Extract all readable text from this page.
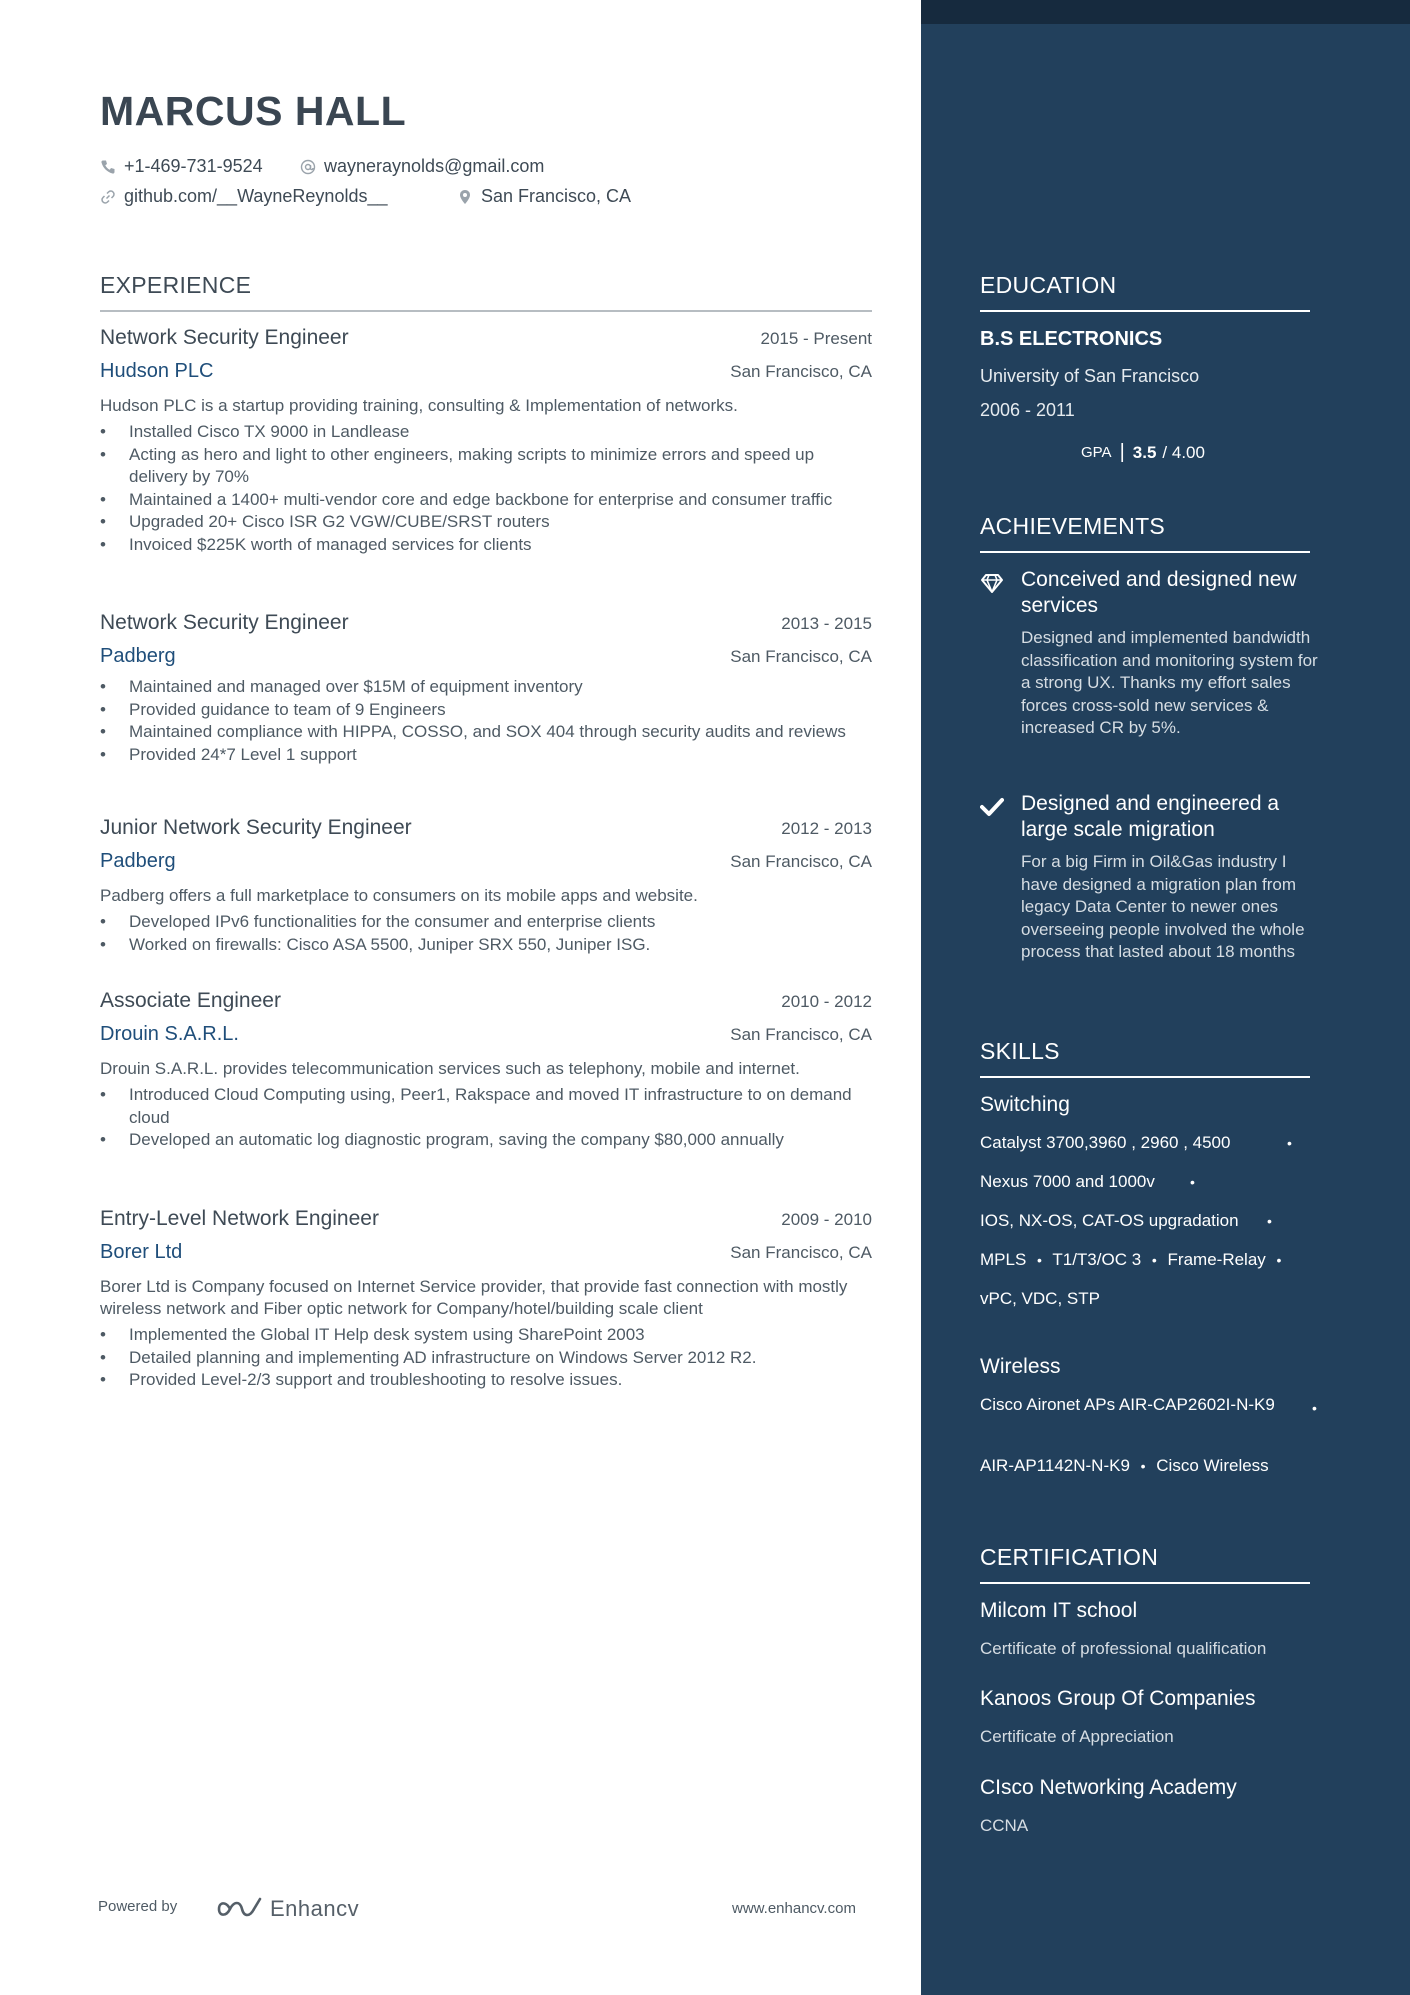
MARCUS HALL
+1-469-731-9524	wayneraynolds@gmail.com
github.com/__WayneReynolds__	San Francisco, CA
EXPERIENCE
Network Security Engineer	2015 - Present
Hudson PLC	San Francisco, CA
Hudson PLC is a startup providing training, consulting & Implementation of networks.
• Installed Cisco TX 9000 in Landlease
• Acting as hero and light to other engineers, making scripts to minimize errors and speed up delivery by 70%
• Maintained a 1400+ multi-vendor core and edge backbone for enterprise and consumer traffic
• Upgraded 20+ Cisco ISR G2 VGW/CUBE/SRST routers
• Invoiced $225K worth of managed services for clients
Network Security Engineer	2013 - 2015
Padberg	San Francisco, CA
• Maintained and managed over $15M of equipment inventory
• Provided guidance to team of 9 Engineers
• Maintained compliance with HIPPA, COSSO, and SOX 404 through security audits and reviews
• Provided 24*7 Level 1 support
Junior Network Security Engineer	2012 - 2013
Padberg	San Francisco, CA
Padberg offers a full marketplace to consumers on its mobile apps and website.
• Developed IPv6 functionalities for the consumer and enterprise clients
• Worked on firewalls: Cisco ASA 5500, Juniper SRX 550, Juniper ISG.
Associate Engineer	2010 - 2012
Drouin S.A.R.L.	San Francisco, CA
Drouin S.A.R.L. provides telecommunication services such as telephony, mobile and internet.
• Introduced Cloud Computing using, Peer1, Rakspace and moved IT infrastructure to on demand cloud
• Developed an automatic log diagnostic program, saving the company $80,000 annually
Entry-Level Network Engineer	2009 - 2010
Borer Ltd	San Francisco, CA
Borer Ltd is Company focused on Internet Service provider, that provide fast connection with mostly wireless network and Fiber optic network for Company/hotel/building scale client
• Implemented the Global IT Help desk system using SharePoint 2003
• Detailed planning and implementing AD infrastructure on Windows Server 2012 R2.
• Provided Level-2/3 support and troubleshooting to resolve issues.
Powered by	Enhancv	www.enhancv.com
EDUCATION
B.S ELECTRONICS
University of San Francisco
2006 - 2011
GPA | 3.5 / 4.00
ACHIEVEMENTS
Conceived and designed new services
Designed and implemented bandwidth classification and monitoring system for a strong UX. Thanks my effort sales forces cross-sold new services & increased CR by 5%.
Designed and engineered a large scale migration
For a big Firm in Oil&Gas industry I have designed a migration plan from legacy Data Center to newer ones overseeing people involved the whole process that lasted about 18 months
SKILLS
Switching
Catalyst 3700,3960 , 2960 , 4500	•
Nexus 7000 and 1000v	•
IOS, NX-OS, CAT-OS upgradation •
MPLS • T1/T3/OC 3 • Frame-Relay •
vPC, VDC, STP
Wireless
Cisco Aironet APs AIR-CAP2602I-N-K9	•
AIR-AP1142N-N-K9 • Cisco Wireless
CERTIFICATION
Milcom IT school
Certificate of professional qualification
Kanoos Group Of Companies
Certificate of Appreciation
CIsco Networking Academy
CCNA
